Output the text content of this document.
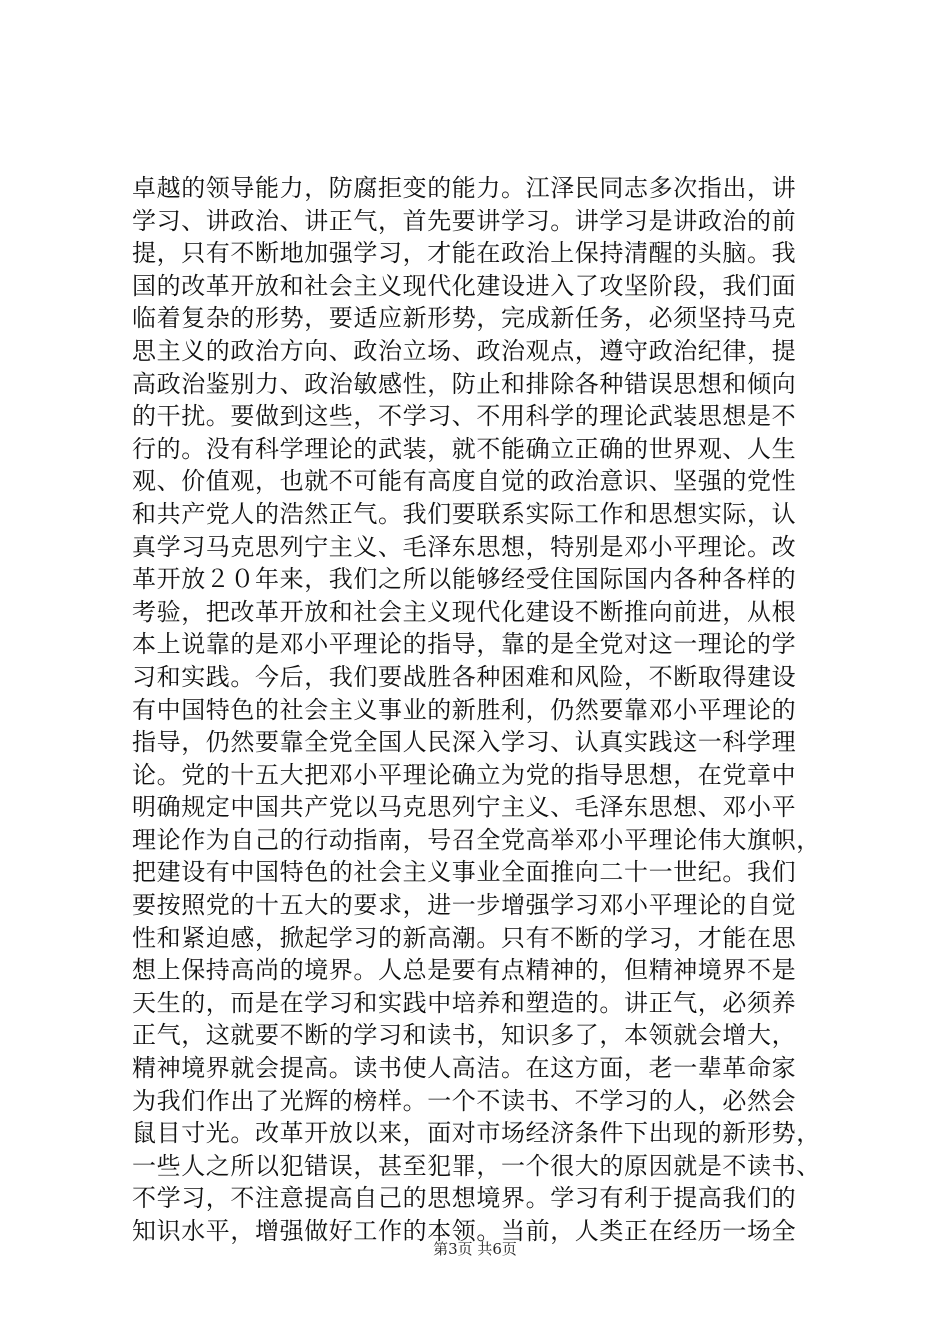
卓越的领导能力，防腐拒变的能力。江泽民同志多次指出，讲
学习、讲政治、讲正气，首先要讲学习。讲学习是讲政治的前
提，只有不断地加强学习，才能在政治上保持清醒的头脑。我
国的改革开放和社会主义现代化建设进入了攻坚阶段，我们面
临着复杂的形势，要适应新形势，完成新任务，必须坚持马克
思主义的政治方向、政治立场、政治观点，遵守政治纪律，提
高政治鉴别力、政治敏感性，防止和排除各种错误思想和倾向
的干扰。要做到这些，不学习、不用科学的理论武装思想是不
行的。没有科学理论的武装，就不能确立正确的世界观、人生
观、价值观，也就不可能有高度自觉的政治意识、坚强的党性
和共产党人的浩然正气。我们要联系实际工作和思想实际，认
真学习马克思列宁主义、毛泽东思想，特别是邓小平理论。改
革开放２０年来，我们之所以能够经受住国际国内各种各样的
考验，把改革开放和社会主义现代化建设不断推向前进，从根
本上说靠的是邓小平理论的指导，靠的是全党对这一理论的学
习和实践。今后，我们要战胜各种困难和风险，不断取得建设
有中国特色的社会主义事业的新胜利，仍然要靠邓小平理论的
指导，仍然要靠全党全国人民深入学习、认真实践这一科学理
论。党的十五大把邓小平理论确立为党的指导思想，在党章中
明确规定中国共产党以马克思列宁主义、毛泽东思想、邓小平
理论作为自己的行动指南，号召全党高举邓小平理论伟大旗帜，
把建设有中国特色的社会主义事业全面推向二十一世纪。我们
要按照党的十五大的要求，进一步增强学习邓小平理论的自觉
性和紧迫感，掀起学习的新高潮。只有不断的学习，才能在思
想上保持高尚的境界。人总是要有点精神的，但精神境界不是
天生的，而是在学习和实践中培养和塑造的。讲正气，必须养
正气，这就要不断的学习和读书，知识多了，本领就会增大，
精神境界就会提高。读书使人高洁。在这方面，老一辈革命家
为我们作出了光辉的榜样。一个不读书、不学习的人，必然会
鼠目寸光。改革开放以来，面对市场经济条件下出现的新形势，
一些人之所以犯错误，甚至犯罪，一个很大的原因就是不读书、
不学习，不注意提高自己的思想境界。学习有利于提高我们的
知识水平，增强做好工作的本领。当前，人类正在经历一场全
第3页 共6页
